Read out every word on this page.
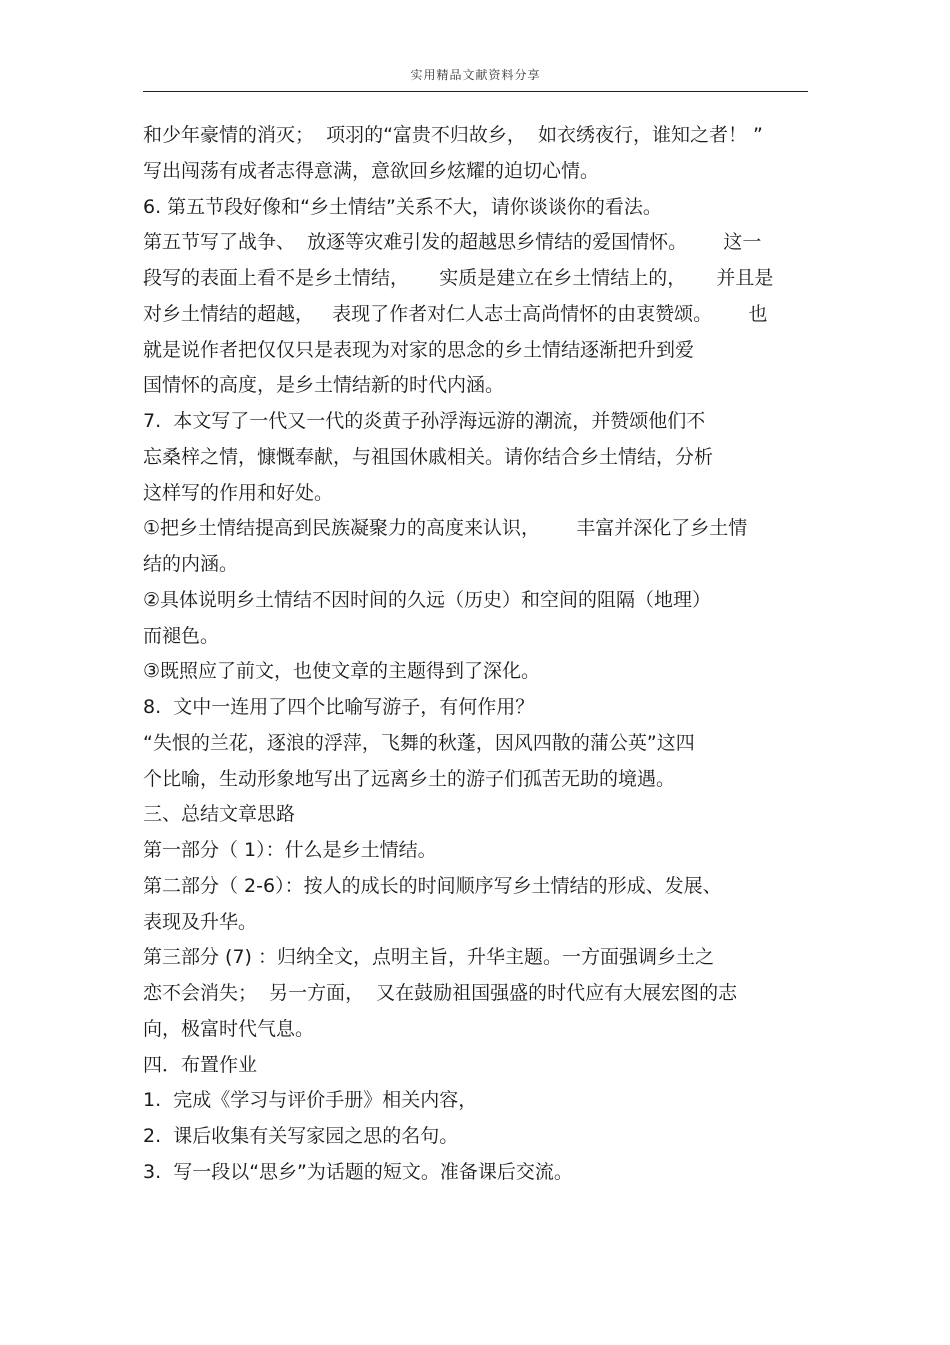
实用精品文献资料分享
和少年豪情的消灭；  项羽的“富贵不归故乡，  如衣绣夜行，谁知之者！ ”
写出闯荡有成者志得意满，意欲回乡炫耀的迫切心情。
6. 第五节段好像和“乡土情结”关系不大，请你谈谈你的看法。
第五节写了战争、  放逐等灾难引发的超越思乡情结的爱国情怀。      这一
段写的表面上看不是乡土情结，     实质是建立在乡土情结上的，     并且是
对乡土情结的超越，   表现了作者对仁人志士高尚情怀的由衷赞颂。      也
就是说作者把仅仅只是表现为对家的思念的乡土情结逐渐把升到爱
国情怀的高度，是乡土情结新的时代内涵。
7.  本文写了一代又一代的炎黄子孙浮海远游的潮流，并赞颂他们不
忘桑梓之情，慷慨奉献，与祖国休戚相关。请你结合乡土情结，分析
这样写的作用和好处。
①把乡土情结提高到民族凝聚力的高度来认识，      丰富并深化了乡土情
结的内涵。
②具体说明乡土情结不因时间的久远（历史）和空间的阻隔（地理）
而褪色。
③既照应了前文，也使文章的主题得到了深化。
8.  文中一连用了四个比喻写游子，有何作用？
“失恨的兰花，逐浪的浮萍，飞舞的秋蓬，因风四散的蒲公英”这四
个比喻，生动形象地写出了远离乡土的游子们孤苦无助的境遇。
三、总结文章思路
第一部分（ 1）：什么是乡土情结。
第二部分（ 2-6）：按人的成长的时间顺序写乡土情结的形成、发展、
表现及升华。
第三部分 (7) ：归纳全文，点明主旨，升华主题。一方面强调乡土之
恋不会消失；  另一方面，  又在鼓励祖国强盛的时代应有大展宏图的志
向，极富时代气息。
四．布置作业
1.  完成《学习与评价手册》相关内容，
2.  课后收集有关写家园之思的名句。
3.  写一段以“思乡”为话题的短文。准备课后交流。
